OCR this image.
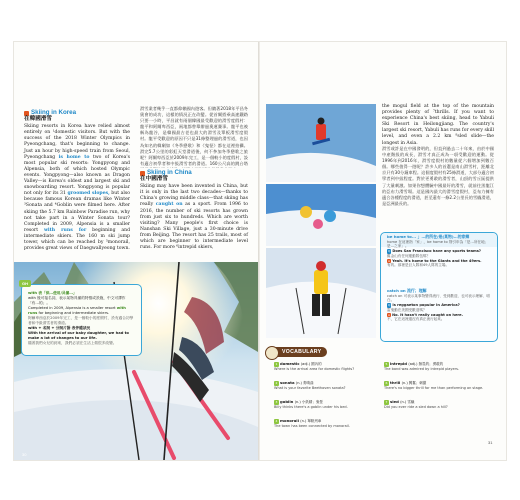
Skiing in Korea
在韓國滑雪
Skiing resorts in Korea have relied almost entirely on ¹domestic visitors. But with the success of the 2018 Winter Olympics in Pyeongchang, that's beginning to change. Just an hour by high-speed train from Seoul, Pyeongchang is home to two of Korea's most popular ski resorts: Yongpyong and Alpensia, both of which hosted Olympic events. Yongpyong—also known as Dragon Valley—is Korea's oldest and largest ski and snowboarding resort. Yongpyong is popular not only for its 31 groomed slopes, but also because famous Korean dramas like Winter ³Sonata and ⁴Goblin were filmed here. After skiing the 5.7 km Rainbow Paradise run, why not take part in a Winter Sonata tour? Completed in 2009, Alpensia is a smaller resort with runs for beginning and intermediate skiers. The 160 m ski jump tower, which can be reached by ⁵monorail, provides great views of Daegwallyeong town.
滑雪業者幾乎一直都仰賴國內遊客。但隨著2018年平昌冬奧會的成功，這樣的情況正在改變。從首爾搭乘高速鐵路只要一小時，平昌就有兩個韓國最受歡迎的滑雪度假村：龍平和阿爾卑西亞，兩地都曾舉辦過奧運賽事。龍平也被稱為龍谷，是韓國最古老也最大的滑雪及單板滑雪度假村。龍平受歡迎的原因不只是31條整理過的滑雪道，也因為知名的韓劇如《冬季戀歌》和《鬼怪》都在這裡拍攝。 滑完5.7公里的彩虹天堂滑道後，何不參加冬季戀歌之旅呢？阿爾卑西亞於2009年完工，是一個較小的度假村，設有適合初學者和中級滑雪者的滑道。160公尺高的跳台塔
Skiing in China
在中國滑雪
Skiing may have been invented in China, but it is only in the last two decades—thanks to China's growing middle class—that skiing has really caught on as a sport. From 1996 to 2016, the number of ski resorts has grown from just six to hundreds. Which are worth visiting? Many people's first choice is Nanshan Ski Village, just a 30-minute drive from Beijing. The resort has 25 trails, most of which are beginner to intermediate level runs. For more ⁶intrepid skiers,
GH
with 表「供…使用/具備…」
with 後可接名詞，表示某物具備的特徵或設施，中文可譯作「有…的」。
Completed in 2009, Alpensia is a smaller resort with runs for beginning and intermediate skiers.
阿爾卑西亞於2009年完工，是一個較小的度假村，設有適合初學者和中級滑雪者的滑道。
with + 名詞 + 分詞片語 表伴隨狀況
With the arrival of our baby daughter, we had to make a lot of changes to our life.
隨著我們女兒的到來，我們必須在生活上做很多改變。
30
the mogul field at the top of the mountain provides plenty of ⁷thrills. If you want to experience China's best skiing, head to Yabuli Ski Resort in Heilongjiang. The country's largest ski resort, Yabuli has runs for every skill level, and even a 2.2 km ⁸sled slide—the longest in Asia.
滑雪或許是在中國發明的，但直到過去二十年來，由於中國中產階級的成長，滑雪才真正成為一項受歡迎的運動。從1996年到2016年，滑雪度假村的數量從六個增加到數百個。哪些值得一遊呢？許多人的首選是南山滑雪村，距離北京只有30分鐘車程。這個度假村有25條滑道，大部分適合初學者到中級程度。對於更勇敢的滑雪者，山頂的雪丘區提供了大量刺激。如果你想體驗中國最好的滑雪，就前往黑龍江的亞布力滑雪場。這是國內最大的滑雪度假村，亞布力擁有適合各種程度的滑道，甚至還有一條2.2公里長的雪橇滑道，是亞洲最長的。
be home to... 」…的所在/是(某物)…的家鄉
home 在這裡指「家」，be home to 則引申為「是…所在地；是…之家」。
Q Does San Francisco have any sports teams?
舊金山有任何運動隊伍嗎？
A Yeah. It's home to the Giants and the 49ers.
有的。那裡是巨人隊和49人隊的主場。
catch on 流行；理解
catch on 可表示某事物變得流行、受到歡迎，也可表示理解、明白。
Q Is reggaeton popular in America?
雷鬼動在美國受歡迎嗎？
A No. It hasn't really caught on here.
不，它在這裡還沒有真正流行起來。
VOCABULARY
1 domestic (adj.) 國內的
Where is the arrival area for domestic flights?
2 sonata (n.) 奏鳴曲
What is your favorite Beethoven sonata?
3 goblin (n.) 小妖精；鬼怪
Billy thinks there's a goblin under his bed.
4 monorail (n.) 單軌列車
The town has been connected by monorail.
5 intrepid (adj.) 無畏的；勇敢的
The band was admired by intrepid players.
6 thrill (n.) 興奮；刺激
There's no bigger thrill for me than performing on stage.
7 sled (n.) 雪橇
Did you ever ride a sled down a hill?
31
